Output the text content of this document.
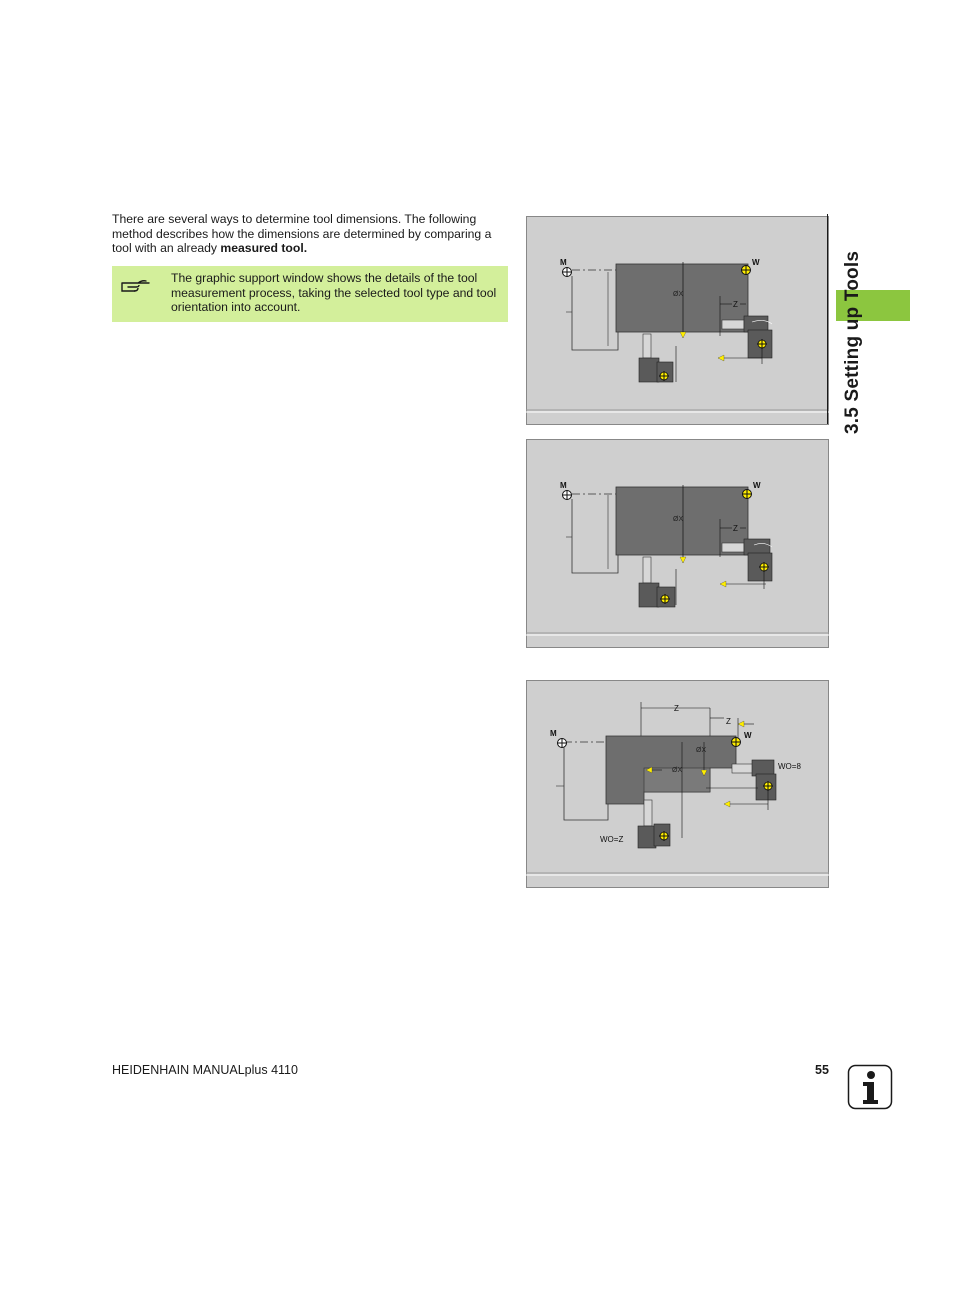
There are several ways to determine tool dimensions. The following method describes how the dimensions are determined by comparing a tool with an already measured tool.

The graphic support window shows the details of the tool measurement process, taking the selected tool type and tool orientation into account.

M	W
ØX
Z
M	W
ØX
Z
Z
Z
M	W
ØX
ØX	WO=8
WO=Z
3.5 Setting up Tools
HEIDENHAIN MANUALplus 4110	55
